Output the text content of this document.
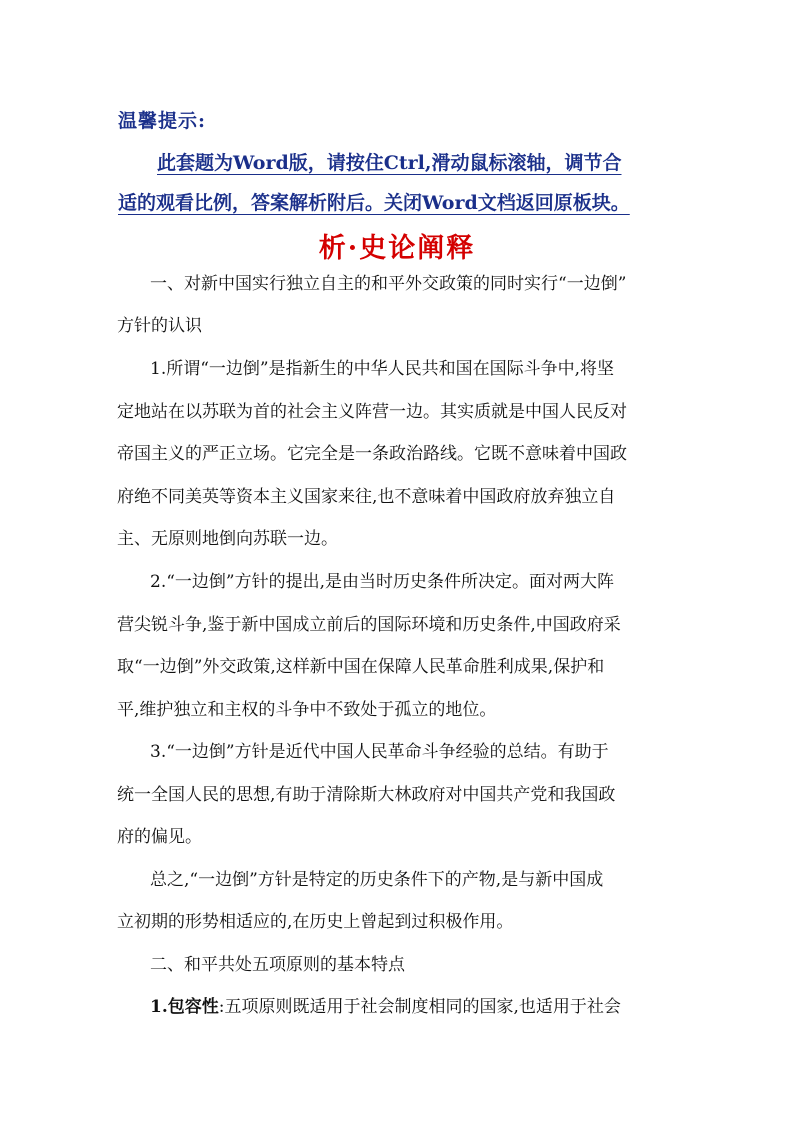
温馨提示:
此套题为Word版，请按住Ctrl,滑动鼠标滚轴，调节合
适的观看比例，答案解析附后。关闭Word文档返回原板块。
析·史论阐释
一、对新中国实行独立自主的和平外交政策的同时实行“一边倒”
方针的认识
1.所谓“一边倒”是指新生的中华人民共和国在国际斗争中,将坚
定地站在以苏联为首的社会主义阵营一边。其实质就是中国人民反对
帝国主义的严正立场。它完全是一条政治路线。它既不意味着中国政
府绝不同美英等资本主义国家来往,也不意味着中国政府放弃独立自
主、无原则地倒向苏联一边。
2.“一边倒”方针的提出,是由当时历史条件所决定。面对两大阵
营尖锐斗争,鉴于新中国成立前后的国际环境和历史条件,中国政府采
取“一边倒”外交政策,这样新中国在保障人民革命胜利成果,保护和
平,维护独立和主权的斗争中不致处于孤立的地位。
3.“一边倒”方针是近代中国人民革命斗争经验的总结。有助于
统一全国人民的思想,有助于清除斯大林政府对中国共产党和我国政
府的偏见。
总之,“一边倒”方针是特定的历史条件下的产物,是与新中国成
立初期的形势相适应的,在历史上曾起到过积极作用。
二、和平共处五项原则的基本特点
1.包容性:五项原则既适用于社会制度相同的国家,也适用于社会
